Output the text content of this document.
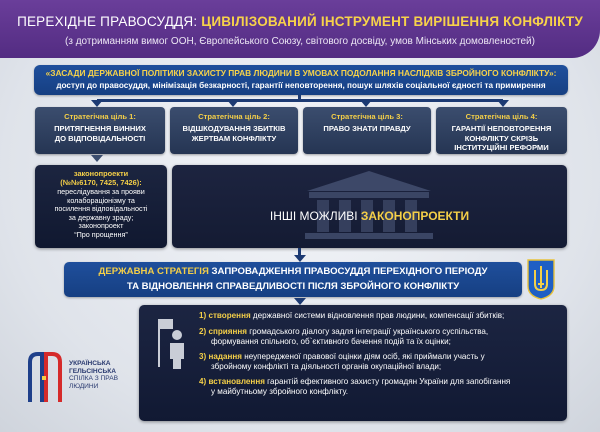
ПЕРЕХІДНЕ ПРАВОСУДДЯ: ЦИВІЛІЗОВАНИЙ ІНСТРУМЕНТ ВИРІШЕННЯ КОНФЛІКТУ
(з дотриманням вимог ООН, Європейського Союзу, світового досвіду, умов Мінських домовленостей)
«ЗАСАДИ ДЕРЖАВНОЇ ПОЛІТИКИ ЗАХИСТУ ПРАВ ЛЮДИНИ В УМОВАХ ПОДОЛАННЯ НАСЛІДКІВ ЗБРОЙНОГО КОНФЛІКТУ»:
доступ до правосуддя, мінімізація безкарності, гарантії неповторення, пошук шляхів соціальної єдності та примирення
Стратегічна ціль 1:
ПРИТЯГНЕННЯ ВИННИХ
ДО ВІДПОВІДАЛЬНОСТІ
Стратегічна ціль 2:
ВІДШКОДУВАННЯ ЗБИТКІВ
ЖЕРТВАМ КОНФЛІКТУ
Стратегічна ціль 3:
ПРАВО ЗНАТИ ПРАВДУ
Стратегічна ціль 4:
ГАРАНТІЇ НЕПОВТОРЕННЯ
КОНФЛІКТУ СКРІЗЬ
ІНСТИТУЦІЙНІ РЕФОРМИ
законопроекти
(№№6170, 7425, 7426):
переслідування за прояви
колабораціонізму та
посилення відповідальності
за державну зраду;
законопроект
“Про прощення”
ІНШІ МОЖЛИВІ ЗАКОНОПРОЕКТИ
ДЕРЖАВНА СТРАТЕГІЯ ЗАПРОВАДЖЕННЯ ПРАВОСУДДЯ ПЕРЕХІДНОГО ПЕРІОДУ
ТА ВІДНОВЛЕННЯ СПРАВЕДЛИВОСТІ ПІСЛЯ ЗБРОЙНОГО КОНФЛІКТУ
1) створення державної системи відновлення прав людини, компенсації збитків;
2) сприяння громадського діалогу задля інтеграції українського суспільства,
формування спільного, об`єктивного бачення подій та їх оцінки;
3) надання неупередженої правової оцінки діям осіб, які приймали участь у
збройному конфлікті та діяльності органів окупаційної влади;
4) встановлення гарантій ефективного захисту громадян України для запобігання
у майбутньому збройного конфлікту.
УКРАЇНСЬКА
ГЕЛЬСІНСЬКА
СПІЛКА З ПРАВ
ЛЮДИНИ
